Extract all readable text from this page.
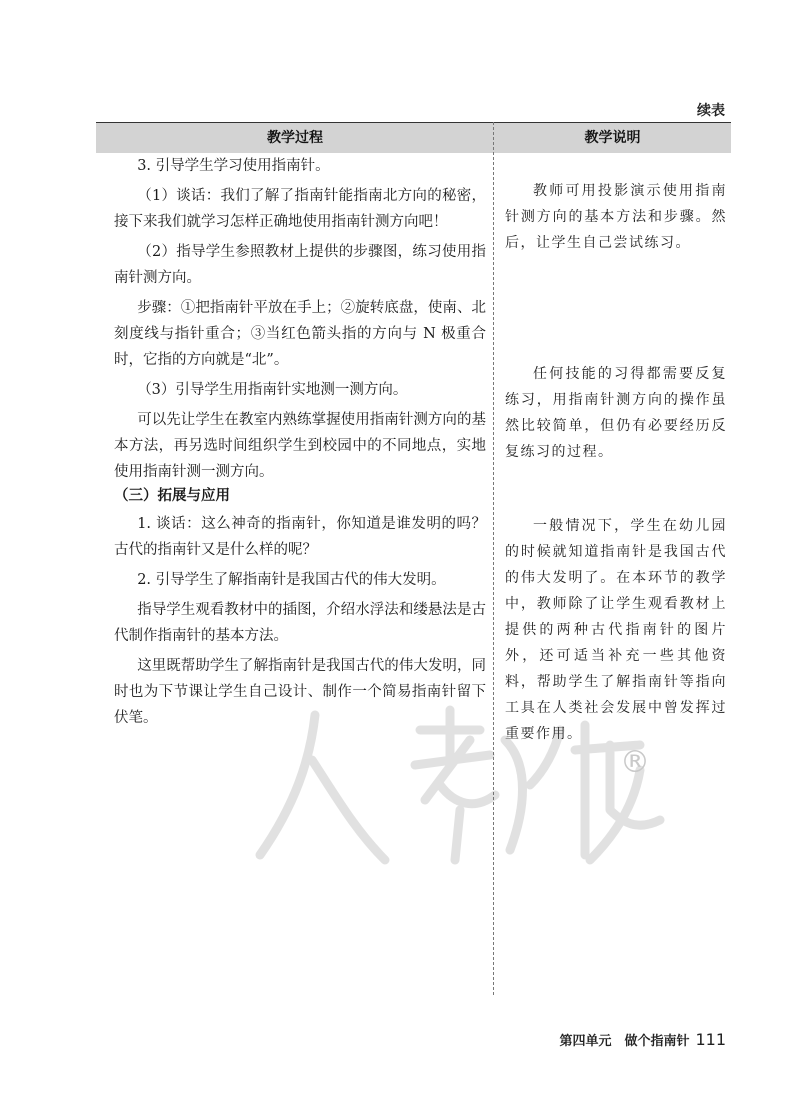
续表
教学过程	教学说明

3. 引导学生学习使用指南针。

（1）谈话：我们了解了指南针能指南北方向的秘密，接下来我们就学习怎样正确地使用指南针测方向吧！

（2）指导学生参照教材上提供的步骤图，练习使用指南针测方向。

步骤：①把指南针平放在手上；②旋转底盘，使南、北刻度线与指针重合；③当红色箭头指的方向与 N 极重合时，它指的方向就是“北”。

（3）引导学生用指南针实地测一测方向。

可以先让学生在教室内熟练掌握使用指南针测方向的基本方法，再另选时间组织学生到校园中的不同地点，实地使用指南针测一测方向。

（三）拓展与应用

1. 谈话：这么神奇的指南针，你知道是谁发明的吗？古代的指南针又是什么样的呢？

2. 引导学生了解指南针是我国古代的伟大发明。

指导学生观看教材中的插图，介绍水浮法和缕悬法是古代制作指南针的基本方法。

这里既帮助学生了解指南针是我国古代的伟大发明，同时也为下节课让学生自己设计、制作一个简易指南针留下伏笔。

教师可用投影演示使用指南针测方向的基本方法和步骤。然后，让学生自己尝试练习。

任何技能的习得都需要反复练习，用指南针测方向的操作虽然比较简单，但仍有必要经历反复练习的过程。

一般情况下，学生在幼儿园的时候就知道指南针是我国古代的伟大发明了。在本环节的教学中，教师除了让学生观看教材上提供的两种古代指南针的图片外，还可适当补充一些其他资料，帮助学生了解指南针等指向工具在人类社会发展中曾发挥过重要作用。

®
第四单元　做个指南针 111
